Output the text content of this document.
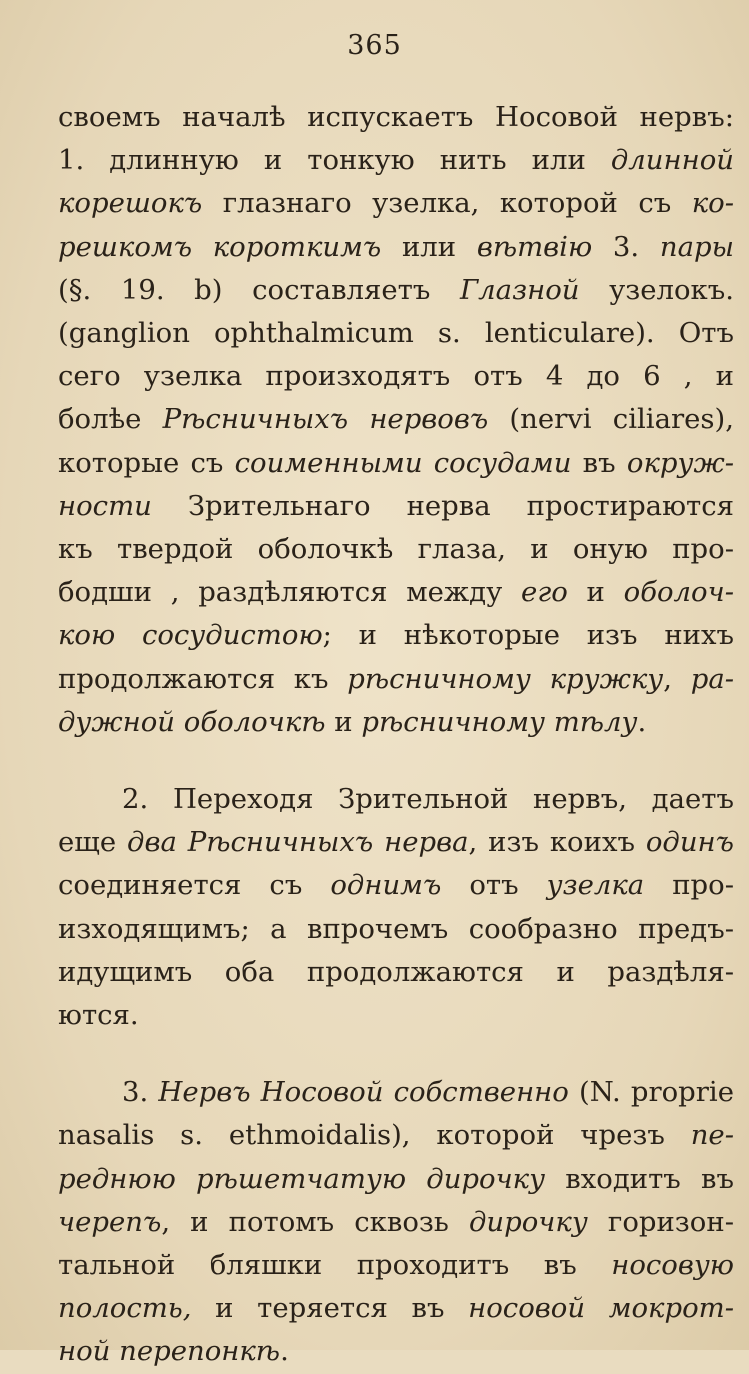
365

своемъ началѣ испускаетъ Носовой нервъ:
1. длинную и тонкую нить или длинной
корешокъ глазнаго узелка, которой съ ко-
решкомъ короткимъ или вѣтвію 3. пары
(§. 19. b) составляетъ Глазной узелокъ.
(ganglion ophthalmicum s. lenticulare). Отъ
сего узелка произходятъ отъ 4 до 6 , и
болѣе Рѣсничныхъ нервовъ (nervi ciliares),
которые съ соименными сосудами въ окруж-
ности Зрительнаго нерва простираются
къ твердой оболочкѣ глаза, и оную про-
бодши , раздѣляются между его и оболоч-
кою сосудистою; и нѣкоторые изъ нихъ
продолжаются къ рѣсничному кружку, ра-
дужной оболочкѣ и рѣсничному тѣлу.

2. Переходя Зрительной нервъ, даетъ
еще два Рѣсничныхъ нерва, изъ коихъ одинъ
соединяется съ однимъ отъ узелка про-
изходящимъ; а впрочемъ сообразно предъ-
идущимъ оба продолжаются и раздѣля-
ются.

3. Нервъ Носовой собственно (N. proprie
nasalis s. ethmoidalis), которой чрезъ пе-
реднюю рѣшетчатую дирочку входитъ въ
черепъ, и потомъ сквозь дирочку горизон-
тальной бляшки проходитъ въ носовую
полость, и теряется въ носовой мокрот-
ной перепонкѣ.
